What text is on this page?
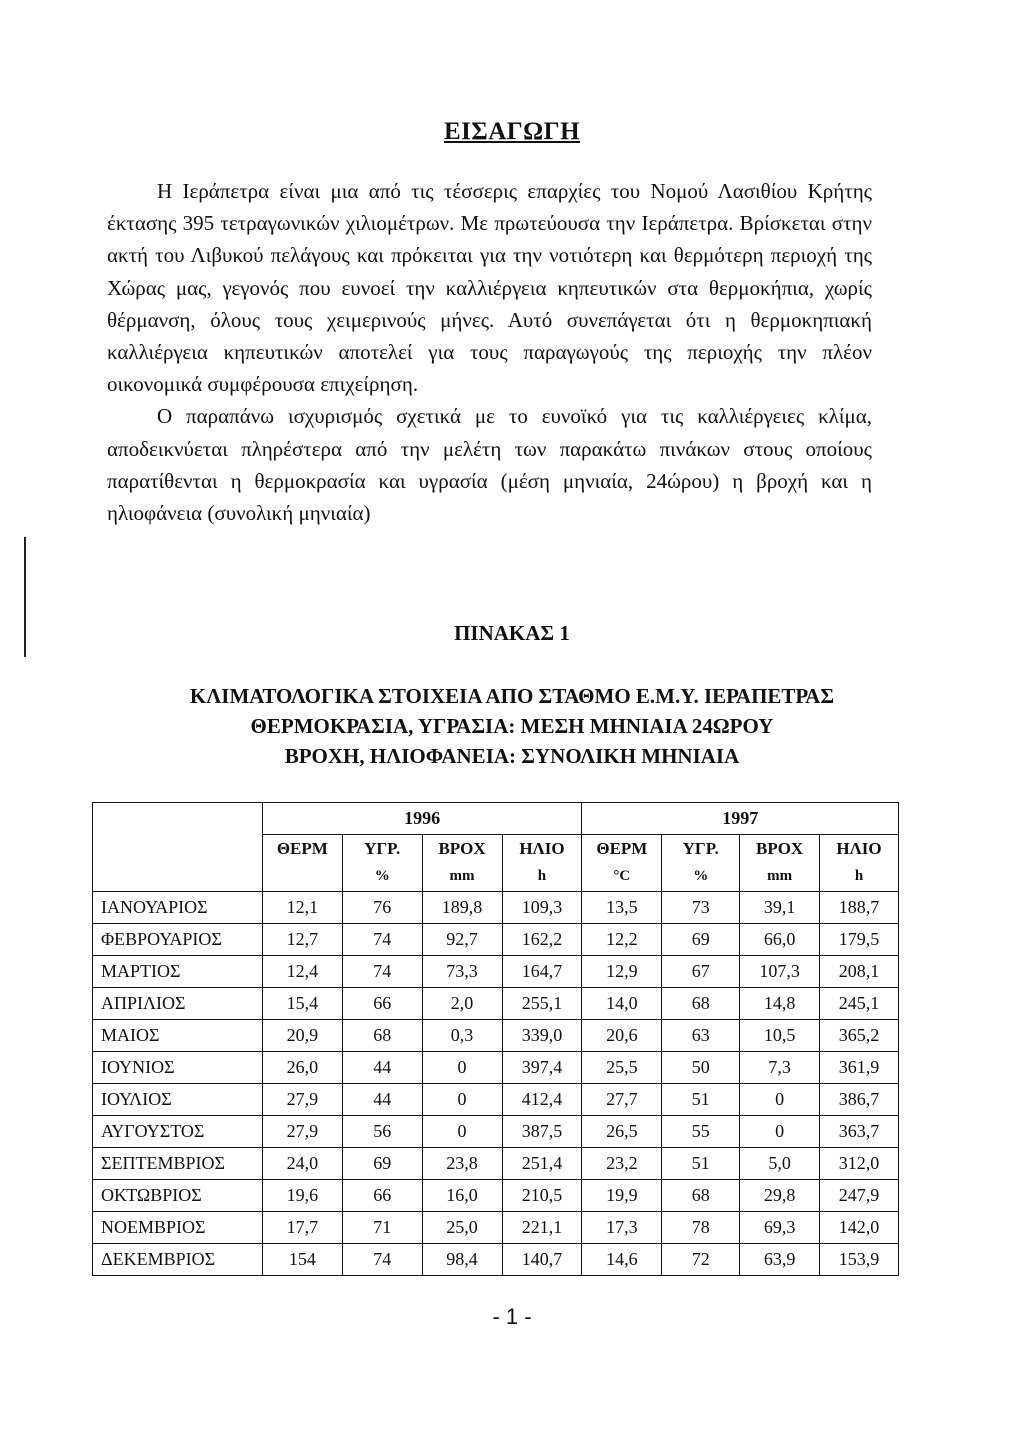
ΕΙΣΑΓΩΓΗ

Η Ιεράπετρα είναι μια από τις τέσσερις επαρχίες του Νομού Λασιθίου Κρήτης έκτασης 395 τετραγωνικών χιλιομέτρων. Με πρωτεύουσα την Ιεράπετρα. Βρίσκεται στην ακτή του Λιβυκού πελάγους και πρόκειται για την νοτιότερη και θερμότερη περιοχή της Χώρας μας, γεγονός που ευνοεί την καλλιέργεια κηπευτικών στα θερμοκήπια, χωρίς θέρμανση, όλους τους χειμερινούς μήνες. Αυτό συνεπάγεται ότι η θερμοκηπιακή καλλιέργεια κηπευτικών αποτελεί για τους παραγωγούς της περιοχής την πλέον οικονομικά συμφέρουσα επιχείρηση.

Ο παραπάνω ισχυρισμός σχετικά με το ευνοϊκό για τις καλλιέργειες κλίμα, αποδεικνύεται πληρέστερα από την μελέτη των παρακάτω πινάκων στους οποίους παρατίθενται η θερμοκρασία και υγρασία (μέση μηνιαία, 24ώρου) η βροχή και η ηλιοφάνεια (συνολική μηνιαία)

ΠΙΝΑΚΑΣ 1
ΚΛΙΜΑΤΟΛΟΓΙΚΑ ΣΤΟΙΧΕΙΑ ΑΠΟ ΣΤΑΘΜΟ Ε.Μ.Υ. ΙΕΡΑΠΕΤΡΑΣ
ΘΕΡΜΟΚΡΑΣΙΑ, ΥΓΡΑΣΙΑ: ΜΕΣΗ ΜΗΝΙΑΙΑ 24ΩΡΟΥ
ΒΡΟΧΗ, ΗΛΙΟΦΑΝΕΙΑ: ΣΥΝΟΛΙΚΗ ΜΗΝΙΑΙΑ
	1996				1997			
	ΘΕΡΜ	ΥΓΡ.	ΒΡΟΧ	ΗΛΙΟ	ΘΕΡΜ	ΥΓΡ.	ΒΡΟΧ	ΗΛΙΟ
		%	mm	h	°C	%	mm	h
ΙΑΝΟΥΑΡΙΟΣ	12,1	76	189,8	109,3	13,5	73	39,1	188,7
ΦΕΒΡΟΥΑΡΙΟΣ	12,7	74	92,7	162,2	12,2	69	66,0	179,5
ΜΑΡΤΙΟΣ	12,4	74	73,3	164,7	12,9	67	107,3	208,1
ΑΠΡΙΛΙΟΣ	15,4	66	2,0	255,1	14,0	68	14,8	245,1
ΜΑΙΟΣ	20,9	68	0,3	339,0	20,6	63	10,5	365,2
ΙΟΥΝΙΟΣ	26,0	44	0	397,4	25,5	50	7,3	361,9
ΙΟΥΛΙΟΣ	27,9	44	0	412,4	27,7	51	0	386,7
ΑΥΓΟΥΣΤΟΣ	27,9	56	0	387,5	26,5	55	0	363,7
ΣΕΠΤΕΜΒΡΙΟΣ	24,0	69	23,8	251,4	23,2	51	5,0	312,0
ΟΚΤΩΒΡΙΟΣ	19,6	66	16,0	210,5	19,9	68	29,8	247,9
ΝΟΕΜΒΡΙΟΣ	17,7	71	25,0	221,1	17,3	78	69,3	142,0
ΔΕΚΕΜΒΡΙΟΣ	154	74	98,4	140,7	14,6	72	63,9	153,9
- 1 -
